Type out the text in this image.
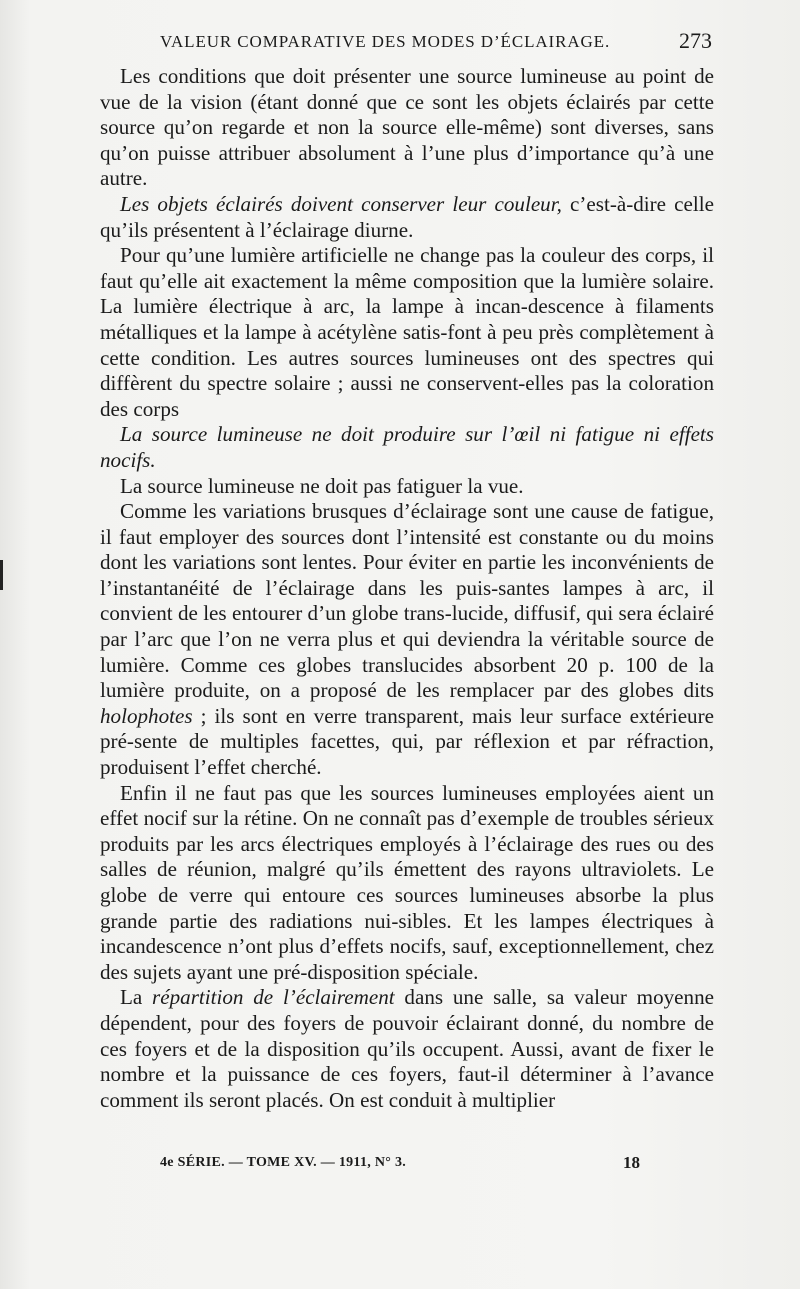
VALEUR COMPARATIVE DES MODES D’ÉCLAIRAGE.	273

Les conditions que doit présenter une source lumineuse au point de vue de la vision (étant donné que ce sont les objets éclairés par cette source qu’on regarde et non la source elle-même) sont diverses, sans qu’on puisse attribuer absolument à l’une plus d’importance qu’à une autre.

Les objets éclairés doivent conserver leur couleur, c’est-à-dire celle qu’ils présentent à l’éclairage diurne.

Pour qu’une lumière artificielle ne change pas la couleur des corps, il faut qu’elle ait exactement la même composition que la lumière solaire. La lumière électrique à arc, la lampe à incan-descence à filaments métalliques et la lampe à acétylène satis-font à peu près complètement à cette condition. Les autres sources lumineuses ont des spectres qui diffèrent du spectre solaire ; aussi ne conservent-elles pas la coloration des corps

La source lumineuse ne doit produire sur l’œil ni fatigue ni effets nocifs.

La source lumineuse ne doit pas fatiguer la vue.

Comme les variations brusques d’éclairage sont une cause de fatigue, il faut employer des sources dont l’intensité est constante ou du moins dont les variations sont lentes. Pour éviter en partie les inconvénients de l’instantanéité de l’éclairage dans les puis-santes lampes à arc, il convient de les entourer d’un globe trans-lucide, diffusif, qui sera éclairé par l’arc que l’on ne verra plus et qui deviendra la véritable source de lumière. Comme ces globes translucides absorbent 20 p. 100 de la lumière produite, on a proposé de les remplacer par des globes dits holophotes ; ils sont en verre transparent, mais leur surface extérieure pré-sente de multiples facettes, qui, par réflexion et par réfraction, produisent l’effet cherché.

Enfin il ne faut pas que les sources lumineuses employées aient un effet nocif sur la rétine. On ne connaît pas d’exemple de troubles sérieux produits par les arcs électriques employés à l’éclairage des rues ou des salles de réunion, malgré qu’ils émettent des rayons ultraviolets. Le globe de verre qui entoure ces sources lumineuses absorbe la plus grande partie des radiations nui-sibles. Et les lampes électriques à incandescence n’ont plus d’effets nocifs, sauf, exceptionnellement, chez des sujets ayant une pré-disposition spéciale.

La répartition de l’éclairement dans une salle, sa valeur moyenne dépendent, pour des foyers de pouvoir éclairant donné, du nombre de ces foyers et de la disposition qu’ils occupent. Aussi, avant de fixer le nombre et la puissance de ces foyers, faut-il déterminer à l’avance comment ils seront placés. On est conduit à multiplier

4e SÉRIE. — TOME XV. — 1911, N° 3.	18
